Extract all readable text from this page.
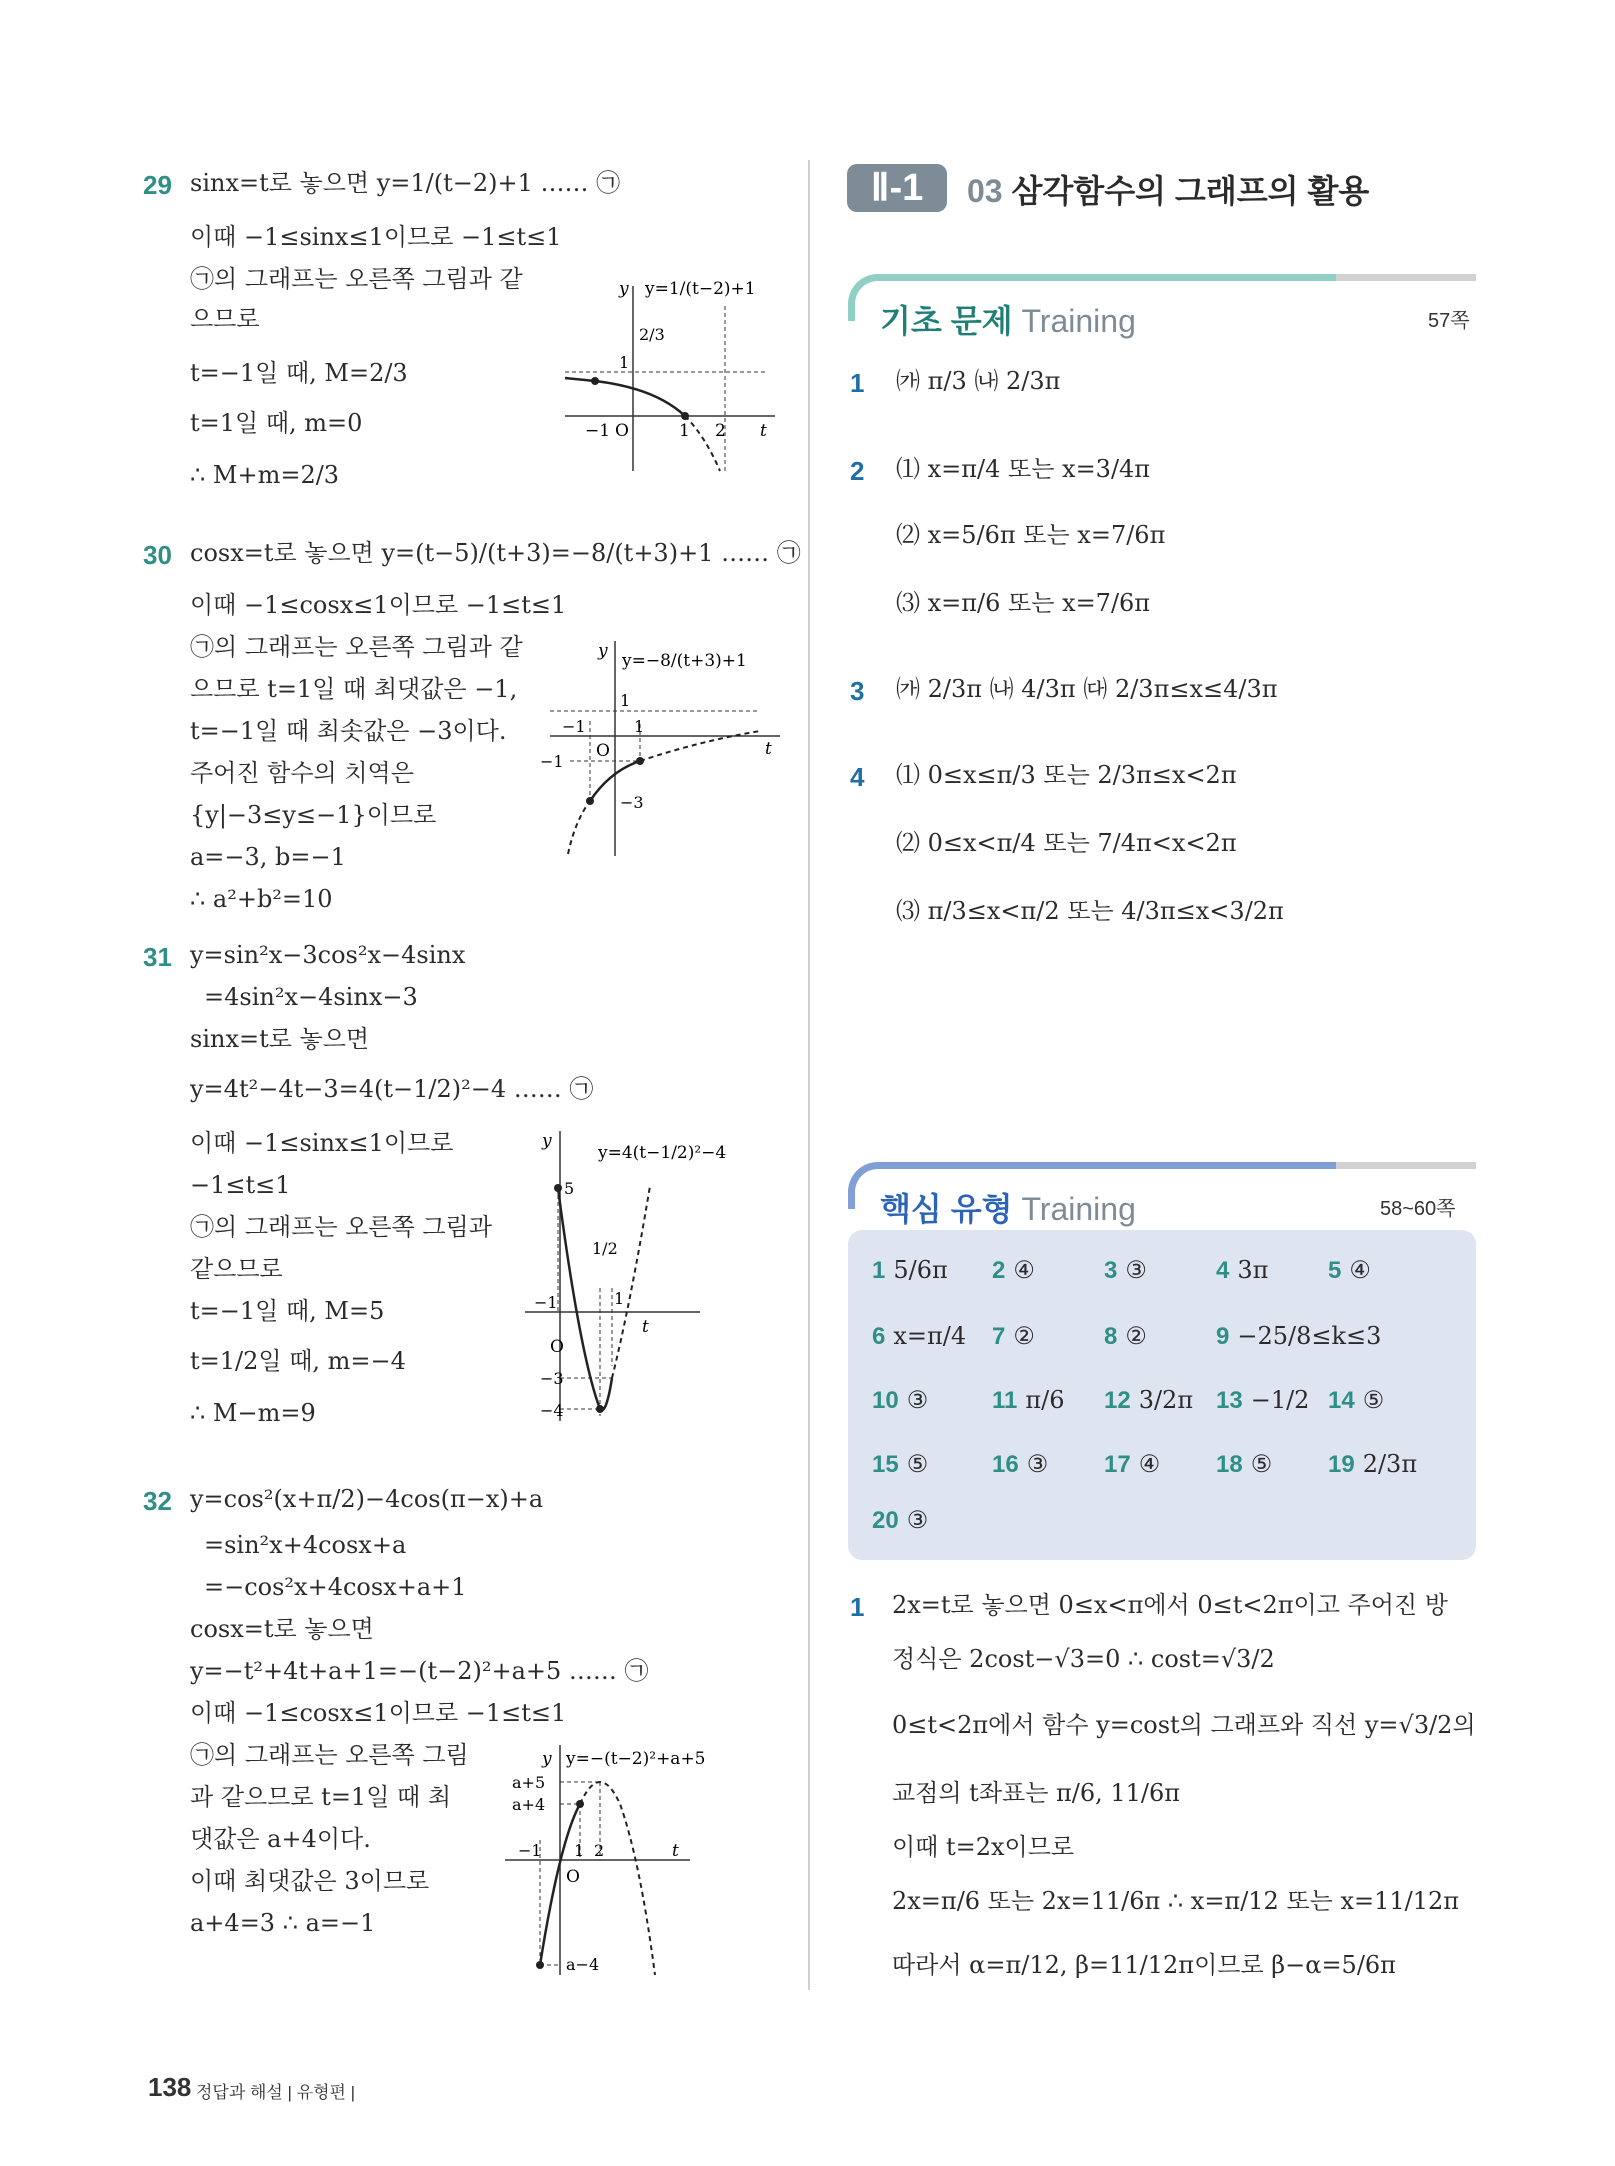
29 sinx=t로 놓으면 y=1/(t−2)+1 …… ㉠
이때 −1≤sinx≤1이므로 −1≤t≤1
㉠의 그래프는 오른쪽 그림과 같
으므로
t=−1일 때, M=2/3
t=1일 때, m=0
∴ M+m=2/3
y y=1/(t−2)+1
2/3
1
−1 O	1 2 t
30 cosx=t로 놓으면 y=(t−5)/(t+3)=−8/(t+3)+1 …… ㉠
이때 −1≤cosx≤1이므로 −1≤t≤1
㉠의 그래프는 오른쪽 그림과 같
으므로 t=1일 때 최댓값은 −1,
t=−1일 때 최솟값은 −3이다.
주어진 함수의 치역은
{y|−3≤y≤−1}이므로
a=−3, b=−1
∴ a²+b²=10
y y=−8/(t+3)+1
1
−1	1
O	t
−1
−3
31 y=sin²x−3cos²x−4sinx
=4sin²x−4sinx−3
sinx=t로 놓으면
y=4t²−4t−3=4(t−1/2)²−4 …… ㉠
이때 −1≤sinx≤1이므로
−1≤t≤1
㉠의 그래프는 오른쪽 그림과
같으므로
t=−1일 때, M=5
t=1/2일 때, m=−4
∴ M−m=9
y
y=4(t−1/2)²−4
5
1/2
1
−1
O
t
−3
−4
32 y=cos²(x+π/2)−4cos(π−x)+a
=sin²x+4cosx+a
=−cos²x+4cosx+a+1
cosx=t로 놓으면
y=−t²+4t+a+1=−(t−2)²+a+5 …… ㉠
이때 −1≤cosx≤1이므로 −1≤t≤1
㉠의 그래프는 오른쪽 그림
과 같으므로 t=1일 때 최
댓값은 a+4이다.
이때 최댓값은 3이므로
a+4=3 ∴ a=−1
y y=−(t−2)²+a+5
a+5
a+4
−1 1 2	t
O
a−4
Ⅱ-1	03 삼각함수의 그래프의 활용
기초 문제 Training	57쪽
1 ㈎ π/3 ㈏ 2/3π
2 ⑴ x=π/4 또는 x=3/4π
⑵ x=5/6π 또는 x=7/6π
⑶ x=π/6 또는 x=7/6π
3 ㈎ 2/3π ㈏ 4/3π ㈐ 2/3π≤x≤4/3π
4 ⑴ 0≤x≤π/3 또는 2/3π≤x<2π
⑵ 0≤x<π/4 또는 7/4π<x<2π
⑶ π/3≤x<π/2 또는 4/3π≤x<3/2π
핵심 유형 Training	58~60쪽
1 5/6π 2 ④	3 ③	4 3π 5 ④
6 x=π/4 7 ②	8 ②	9 −25/8≤k≤3
10 ③	11 π/6 12 3/2π 13 −1/2 14 ⑤
15 ⑤	16 ③ 17 ④ 18 ⑤ 19 2/3π
20 ③
1 2x=t로 놓으면 0≤x<π에서 0≤t<2π이고 주어진 방
정식은 2cost−√3=0 ∴ cost=√3/2
0≤t<2π에서 함수 y=cost의 그래프와 직선 y=√3/2의
교점의 t좌표는 π/6, 11/6π
이때 t=2x이므로
2x=π/6 또는 2x=11/6π ∴ x=π/12 또는 x=11/12π
따라서 α=π/12, β=11/12π이므로 β−α=5/6π
138 정답과 해설 | 유형편 |
